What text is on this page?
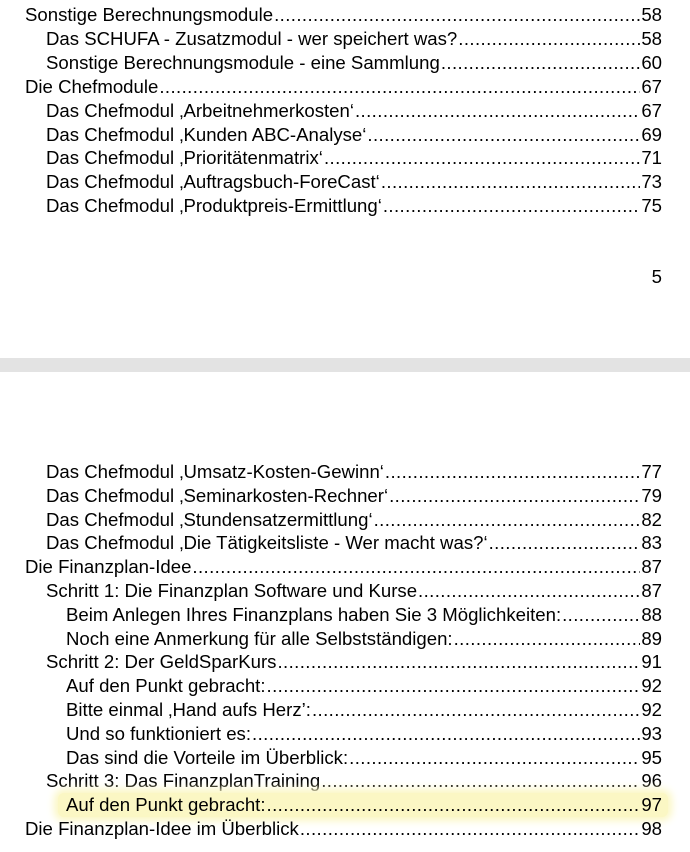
Sonstige Berechnungsmodule .....	58
Das SCHUFA - Zusatzmodul - wer speichert was? .....	58
Sonstige Berechnungsmodule - eine Sammlung .....	60
Die Chefmodule .....	67
Das Chefmodul ‚Arbeitnehmerkosten‘ .....	67
Das Chefmodul ‚Kunden ABC-Analyse‘ .....	69
Das Chefmodul ‚Prioritätenmatrix‘ .....	71
Das Chefmodul ‚Auftragsbuch-ForeCast‘ .....	73
Das Chefmodul ‚Produktpreis-Ermittlung‘ .....	75
5
Das Chefmodul ‚Umsatz-Kosten-Gewinn‘ .....	77
Das Chefmodul ‚Seminarkosten-Rechner‘ .....	79
Das Chefmodul ‚Stundensatzermittlung‘ .....	82
Das Chefmodul ‚Die Tätigkeitsliste - Wer macht was?‘ .....	83
Die Finanzplan-Idee .....	87
Schritt 1: Die Finanzplan Software und Kurse .....	87
Beim Anlegen Ihres Finanzplans haben Sie 3 Möglichkeiten: .....	88
Noch eine Anmerkung für alle Selbstständigen: .....	89
Schritt 2: Der GeldSparKurs .....	91
Auf den Punkt gebracht: .....	92
Bitte einmal ‚Hand aufs Herz’: .....	92
Und so funktioniert es: .....	93
Das sind die Vorteile im Überblick: .....	95
Schritt 3: Das FinanzplanTraining .....	96
Auf den Punkt gebracht: .....	97
Die Finanzplan-Idee im Überblick .....	98
